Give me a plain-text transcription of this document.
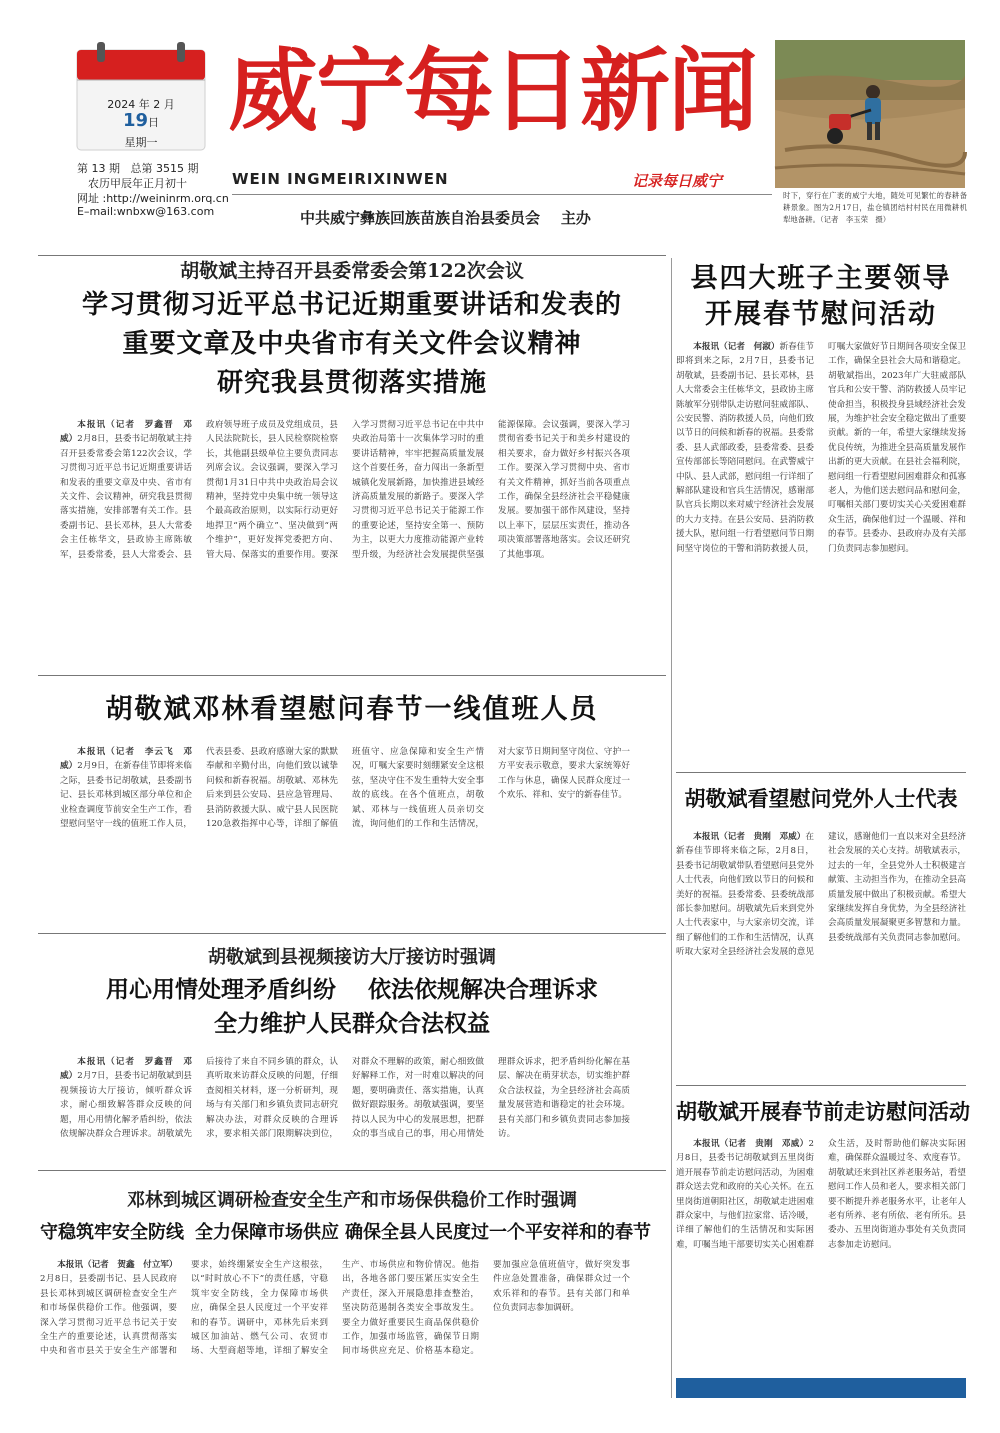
2024 年 2 月
19日
星期一
第 13 期   总第 3515 期
农历甲辰年正月初十
网址 :http://weininrm.orq.cn
E–mail:wnbxw@163.com
威宁每日新闻
WEIN INGMEIRIXINWEN	记录每日威宁
中共威宁彝族回族苗族自治县委员会    主办
时下，穿行在广袤的威宁大地，随处可见繁忙的春耕备耕景象。图为2月17日，盐仓镇团结村村民在用微耕机犁地备耕。（记者　李玉荣　摄）
胡敬斌主持召开县委常委会第122次会议
学习贯彻习近平总书记近期重要讲话和发表的
重要文章及中央省市有关文件会议精神
研究我县贯彻落实措施

本报讯（记者　罗鑫晋　邓威）2月8日，县委书记胡敬斌主持召开县委常委会第122次会议，学习贯彻习近平总书记近期重要讲话和发表的重要文章及中央、省市有关文件、会议精神，研究我县贯彻落实措施，安排部署有关工作。县委副书记、县长邓林，县人大常委会主任栋华文，县政协主席陈敏军，县委常委，县人大常委会、县政府领导班子成员及党组成员，县人民法院院长，县人民检察院检察长，其他副县级单位主要负责同志列席会议。会议强调，要深入学习贯彻1月31日中共中央政治局会议精神，坚持党中央集中统一领导这个最高政治原则，以实际行动更好地捍卫“两个确立”、坚决做到“两个维护”，更好发挥党委把方向、管大局、保落实的重要作用。要深入学习贯彻习近平总书记在中共中央政治局第十一次集体学习时的重要讲话精神，牢牢把握高质量发展这个首要任务，奋力闯出一条新型城镇化发展新路，加快推进县域经济高质量发展的新路子。要深入学习贯彻习近平总书记关于能源工作的重要论述，坚持安全第一、预防为主，以更大力度推动能源产业转型升级，为经济社会发展提供坚强能源保障。会议强调，要深入学习贯彻省委书记关于和美乡村建设的相关要求，奋力做好乡村振兴各项工作。要深入学习贯彻中央、省市有关文件精神，抓好当前各项重点工作，确保全县经济社会平稳健康发展。要加强干部作风建设，坚持以上率下，层层压实责任，推动各项决策部署落地落实。会议还研究了其他事项。

胡敬斌邓林看望慰问春节一线值班人员

本报讯（记者　李云飞　邓威）2月9日，在新春佳节即将来临之际，县委书记胡敬斌，县委副书记、县长邓林到城区部分单位和企业检查调度节前安全生产工作，看望慰问坚守一线的值班工作人员，代表县委、县政府感谢大家的默默奉献和辛勤付出，向他们致以诚挚问候和新春祝福。胡敬斌、邓林先后来到县公安局、县应急管理局、县消防救援大队、威宁县人民医院120急救指挥中心等，详细了解值班值守、应急保障和安全生产情况，叮嘱大家要时刻绷紧安全这根弦，坚决守住不发生重特大安全事故的底线。在各个值班点，胡敬斌、邓林与一线值班人员亲切交流，询问他们的工作和生活情况，对大家节日期间坚守岗位、守护一方平安表示敬意，要求大家统筹好工作与休息，确保人民群众度过一个欢乐、祥和、安宁的新春佳节。

胡敬斌到县视频接访大厅接访时强调
用心用情处理矛盾纠纷    依法依规解决合理诉求
全力维护人民群众合法权益

本报讯（记者　罗鑫晋　邓威）2月7日，县委书记胡敬斌到县视频接访大厅接访，倾听群众诉求，耐心细致解答群众反映的问题，用心用情化解矛盾纠纷，依法依规解决群众合理诉求。胡敬斌先后接待了来自不同乡镇的群众，认真听取来访群众反映的问题，仔细查阅相关材料，逐一分析研判，现场与有关部门和乡镇负责同志研究解决办法，对群众反映的合理诉求，要求相关部门限期解决到位，对群众不理解的政策，耐心细致做好解释工作，对一时难以解决的问题，要明确责任、落实措施，认真做好跟踪服务。胡敬斌强调，要坚持以人民为中心的发展思想，把群众的事当成自己的事，用心用情处理群众诉求，把矛盾纠纷化解在基层、解决在萌芽状态，切实维护群众合法权益，为全县经济社会高质量发展营造和谐稳定的社会环境。县有关部门和乡镇负责同志参加接访。

邓林到城区调研检查安全生产和市场保供稳价工作时强调
守稳筑牢安全防线 全力保障市场供应 确保全县人民度过一个平安祥和的春节

本报讯（记者　贺鑫　付立军）2月8日，县委副书记、县人民政府县长邓林到城区调研检查安全生产和市场保供稳价工作。他强调，要深入学习贯彻习近平总书记关于安全生产的重要论述，认真贯彻落实中央和省市县关于安全生产部署和要求，始终绷紧安全生产这根弦，以“时时放心不下”的责任感，守稳筑牢安全防线，全力保障市场供应，确保全县人民度过一个平安祥和的春节。调研中，邓林先后来到城区加油站、燃气公司、农贸市场、大型商超等地，详细了解安全生产、市场供应和物价情况。他指出，各地各部门要压紧压实安全生产责任，深入开展隐患排查整治，坚决防范遏制各类安全事故发生。要全力做好重要民生商品保供稳价工作，加强市场监管，确保节日期间市场供应充足、价格基本稳定。要加强应急值班值守，做好突发事件应急处置准备，确保群众过一个欢乐祥和的春节。县有关部门和单位负责同志参加调研。

县四大班子主要领导
开展春节慰问活动

本报讯（记者　何淑）新春佳节即将到来之际，2月7日，县委书记胡敬斌，县委副书记、县长邓林，县人大常委会主任栋华文，县政协主席陈敏军分别带队走访慰问驻威部队、公安民警、消防救援人员，向他们致以节日的问候和新春的祝福。县委常委、县人武部政委，县委常委、县委宣传部部长等陪同慰问。在武警威宁中队、县人武部，慰问组一行详细了解部队建设和官兵生活情况，感谢部队官兵长期以来对威宁经济社会发展的大力支持。在县公安局、县消防救援大队，慰问组一行看望慰问节日期间坚守岗位的干警和消防救援人员，叮嘱大家做好节日期间各项安全保卫工作，确保全县社会大局和谐稳定。胡敬斌指出，2023年广大驻威部队官兵和公安干警、消防救援人员牢记使命担当，积极投身县域经济社会发展，为维护社会安全稳定做出了重要贡献。新的一年，希望大家继续发扬优良传统，为推进全县高质量发展作出新的更大贡献。在县社会福利院，慰问组一行看望慰问困难群众和孤寡老人，为他们送去慰问品和慰问金，叮嘱相关部门要切实关心关爱困难群众生活，确保他们过一个温暖、祥和的春节。县委办、县政府办及有关部门负责同志参加慰问。

胡敬斌看望慰问党外人士代表

本报讯（记者　贵刚　邓威）在新春佳节即将来临之际，2月8日，县委书记胡敬斌带队看望慰问县党外人士代表，向他们致以节日的问候和美好的祝福。县委常委、县委统战部部长参加慰问。胡敬斌先后来到党外人士代表家中，与大家亲切交流，详细了解他们的工作和生活情况，认真听取大家对全县经济社会发展的意见建议，感谢他们一直以来对全县经济社会发展的关心支持。胡敬斌表示，过去的一年，全县党外人士积极建言献策、主动担当作为，在推动全县高质量发展中做出了积极贡献。希望大家继续发挥自身优势，为全县经济社会高质量发展凝聚更多智慧和力量。县委统战部有关负责同志参加慰问。

胡敬斌开展春节前走访慰问活动

本报讯（记者　贵刚　邓威）2月8日，县委书记胡敬斌到五里岗街道开展春节前走访慰问活动，为困难群众送去党和政府的关心关怀。在五里岗街道朝阳社区，胡敬斌走进困难群众家中，与他们拉家常、话冷暖，详细了解他们的生活情况和实际困难，叮嘱当地干部要切实关心困难群众生活，及时帮助他们解决实际困难，确保群众温暖过冬、欢度春节。胡敬斌还来到社区养老服务站，看望慰问工作人员和老人，要求相关部门要不断提升养老服务水平，让老年人老有所养、老有所依、老有所乐。县委办、五里岗街道办事处有关负责同志参加走访慰问。

总编辑：叶启伟    值班主任：何　欢    责任编辑：李玉荣
